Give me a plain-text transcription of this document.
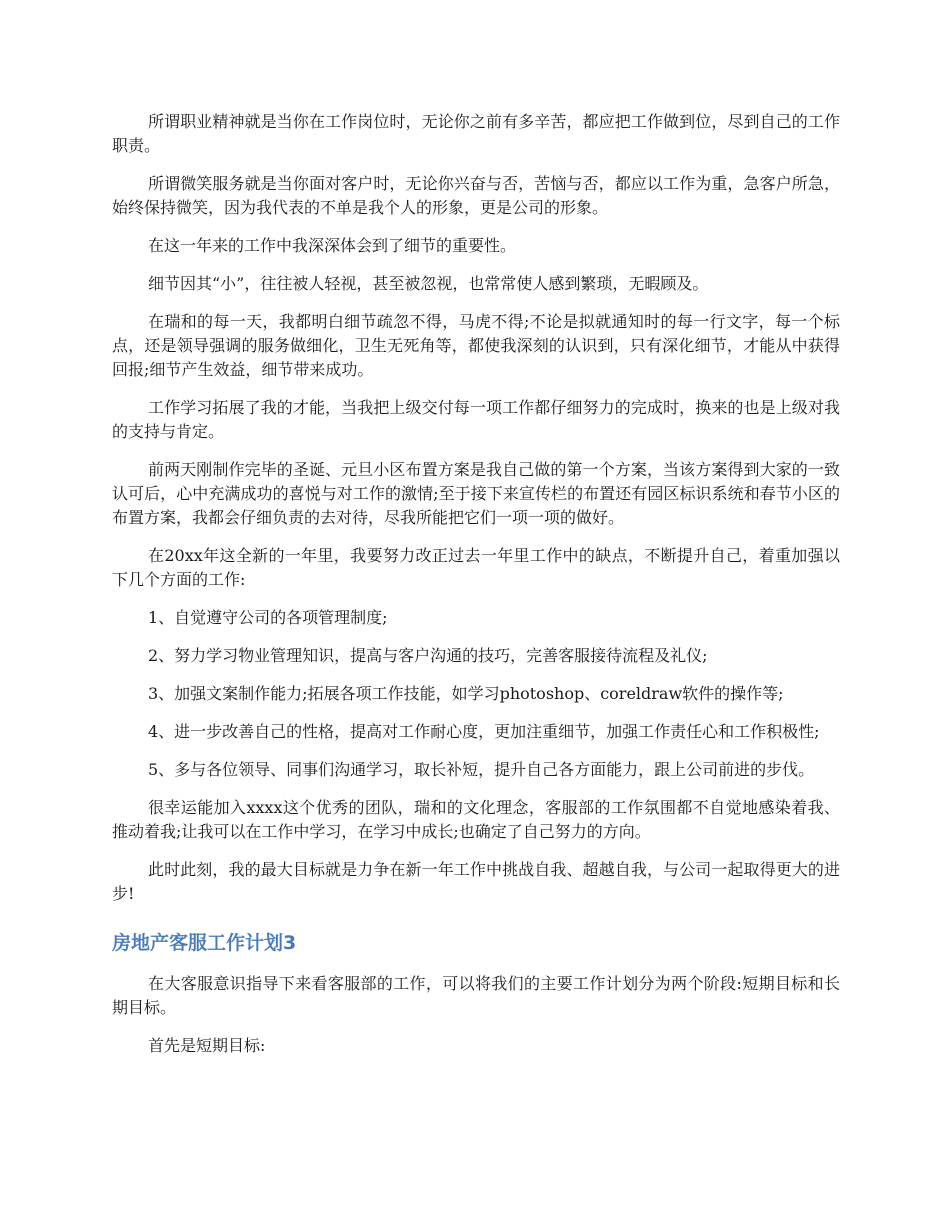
所谓职业精神就是当你在工作岗位时，无论你之前有多辛苦，都应把工作做到位，尽到自己的工作职责。

所谓微笑服务就是当你面对客户时，无论你兴奋与否，苦恼与否，都应以工作为重，急客户所急，始终保持微笑，因为我代表的不单是我个人的形象，更是公司的形象。

在这一年来的工作中我深深体会到了细节的重要性。

细节因其“小”，往往被人轻视，甚至被忽视，也常常使人感到繁琐，无暇顾及。

在瑞和的每一天，我都明白细节疏忽不得，马虎不得;不论是拟就通知时的每一行文字，每一个标点，还是领导强调的服务做细化，卫生无死角等，都使我深刻的认识到，只有深化细节，才能从中获得回报;细节产生效益，细节带来成功。

工作学习拓展了我的才能，当我把上级交付每一项工作都仔细努力的完成时，换来的也是上级对我的支持与肯定。

前两天刚制作完毕的圣诞、元旦小区布置方案是我自己做的第一个方案，当该方案得到大家的一致认可后，心中充满成功的喜悦与对工作的激情;至于接下来宣传栏的布置还有园区标识系统和春节小区的布置方案，我都会仔细负责的去对待，尽我所能把它们一项一项的做好。

在20xx年这全新的一年里，我要努力改正过去一年里工作中的缺点，不断提升自己，着重加强以下几个方面的工作:

1、自觉遵守公司的各项管理制度;

2、努力学习物业管理知识，提高与客户沟通的技巧，完善客服接待流程及礼仪;

3、加强文案制作能力;拓展各项工作技能，如学习photoshop、coreldraw软件的操作等;

4、进一步改善自己的性格，提高对工作耐心度，更加注重细节，加强工作责任心和工作积极性;

5、多与各位领导、同事们沟通学习，取长补短，提升自己各方面能力，跟上公司前进的步伐。

很幸运能加入xxxx这个优秀的团队，瑞和的文化理念，客服部的工作氛围都不自觉地感染着我、推动着我;让我可以在工作中学习，在学习中成长;也确定了自己努力的方向。

此时此刻，我的最大目标就是力争在新一年工作中挑战自我、超越自我，与公司一起取得更大的进步!

房地产客服工作计划3

在大客服意识指导下来看客服部的工作，可以将我们的主要工作计划分为两个阶段:短期目标和长期目标。

首先是短期目标:
